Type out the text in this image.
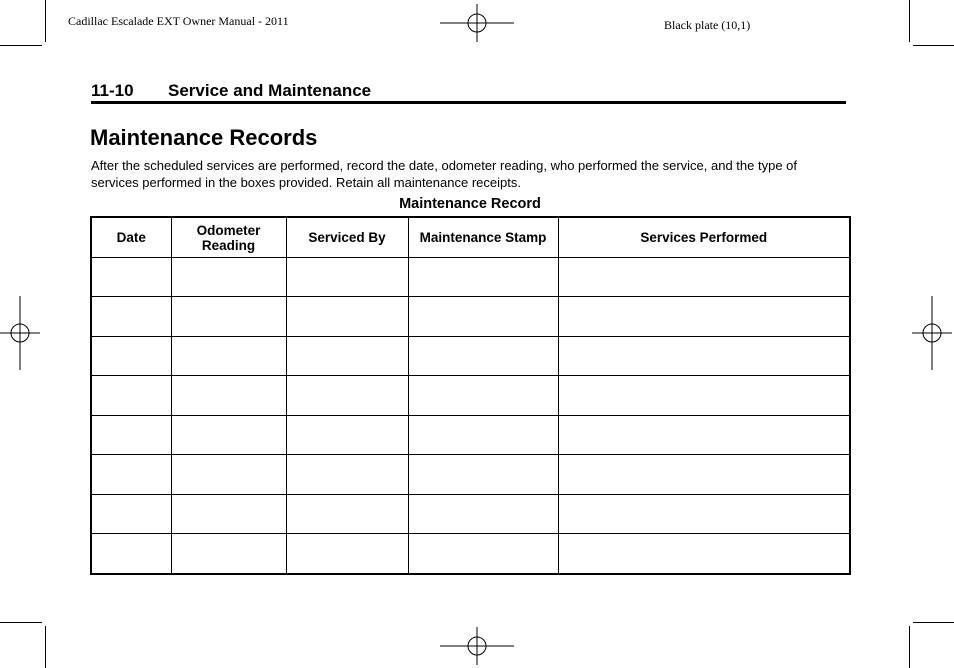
Cadillac Escalade EXT Owner Manual - 2011	Black plate (10,1)
11-10 Service and Maintenance
Maintenance Records
After the scheduled services are performed, record the date, odometer reading, who performed the service, and the type of services performed in the boxes provided. Retain all maintenance receipts.
Maintenance Record
Date	Odometer Reading	Serviced By	Maintenance Stamp	Services Performed
